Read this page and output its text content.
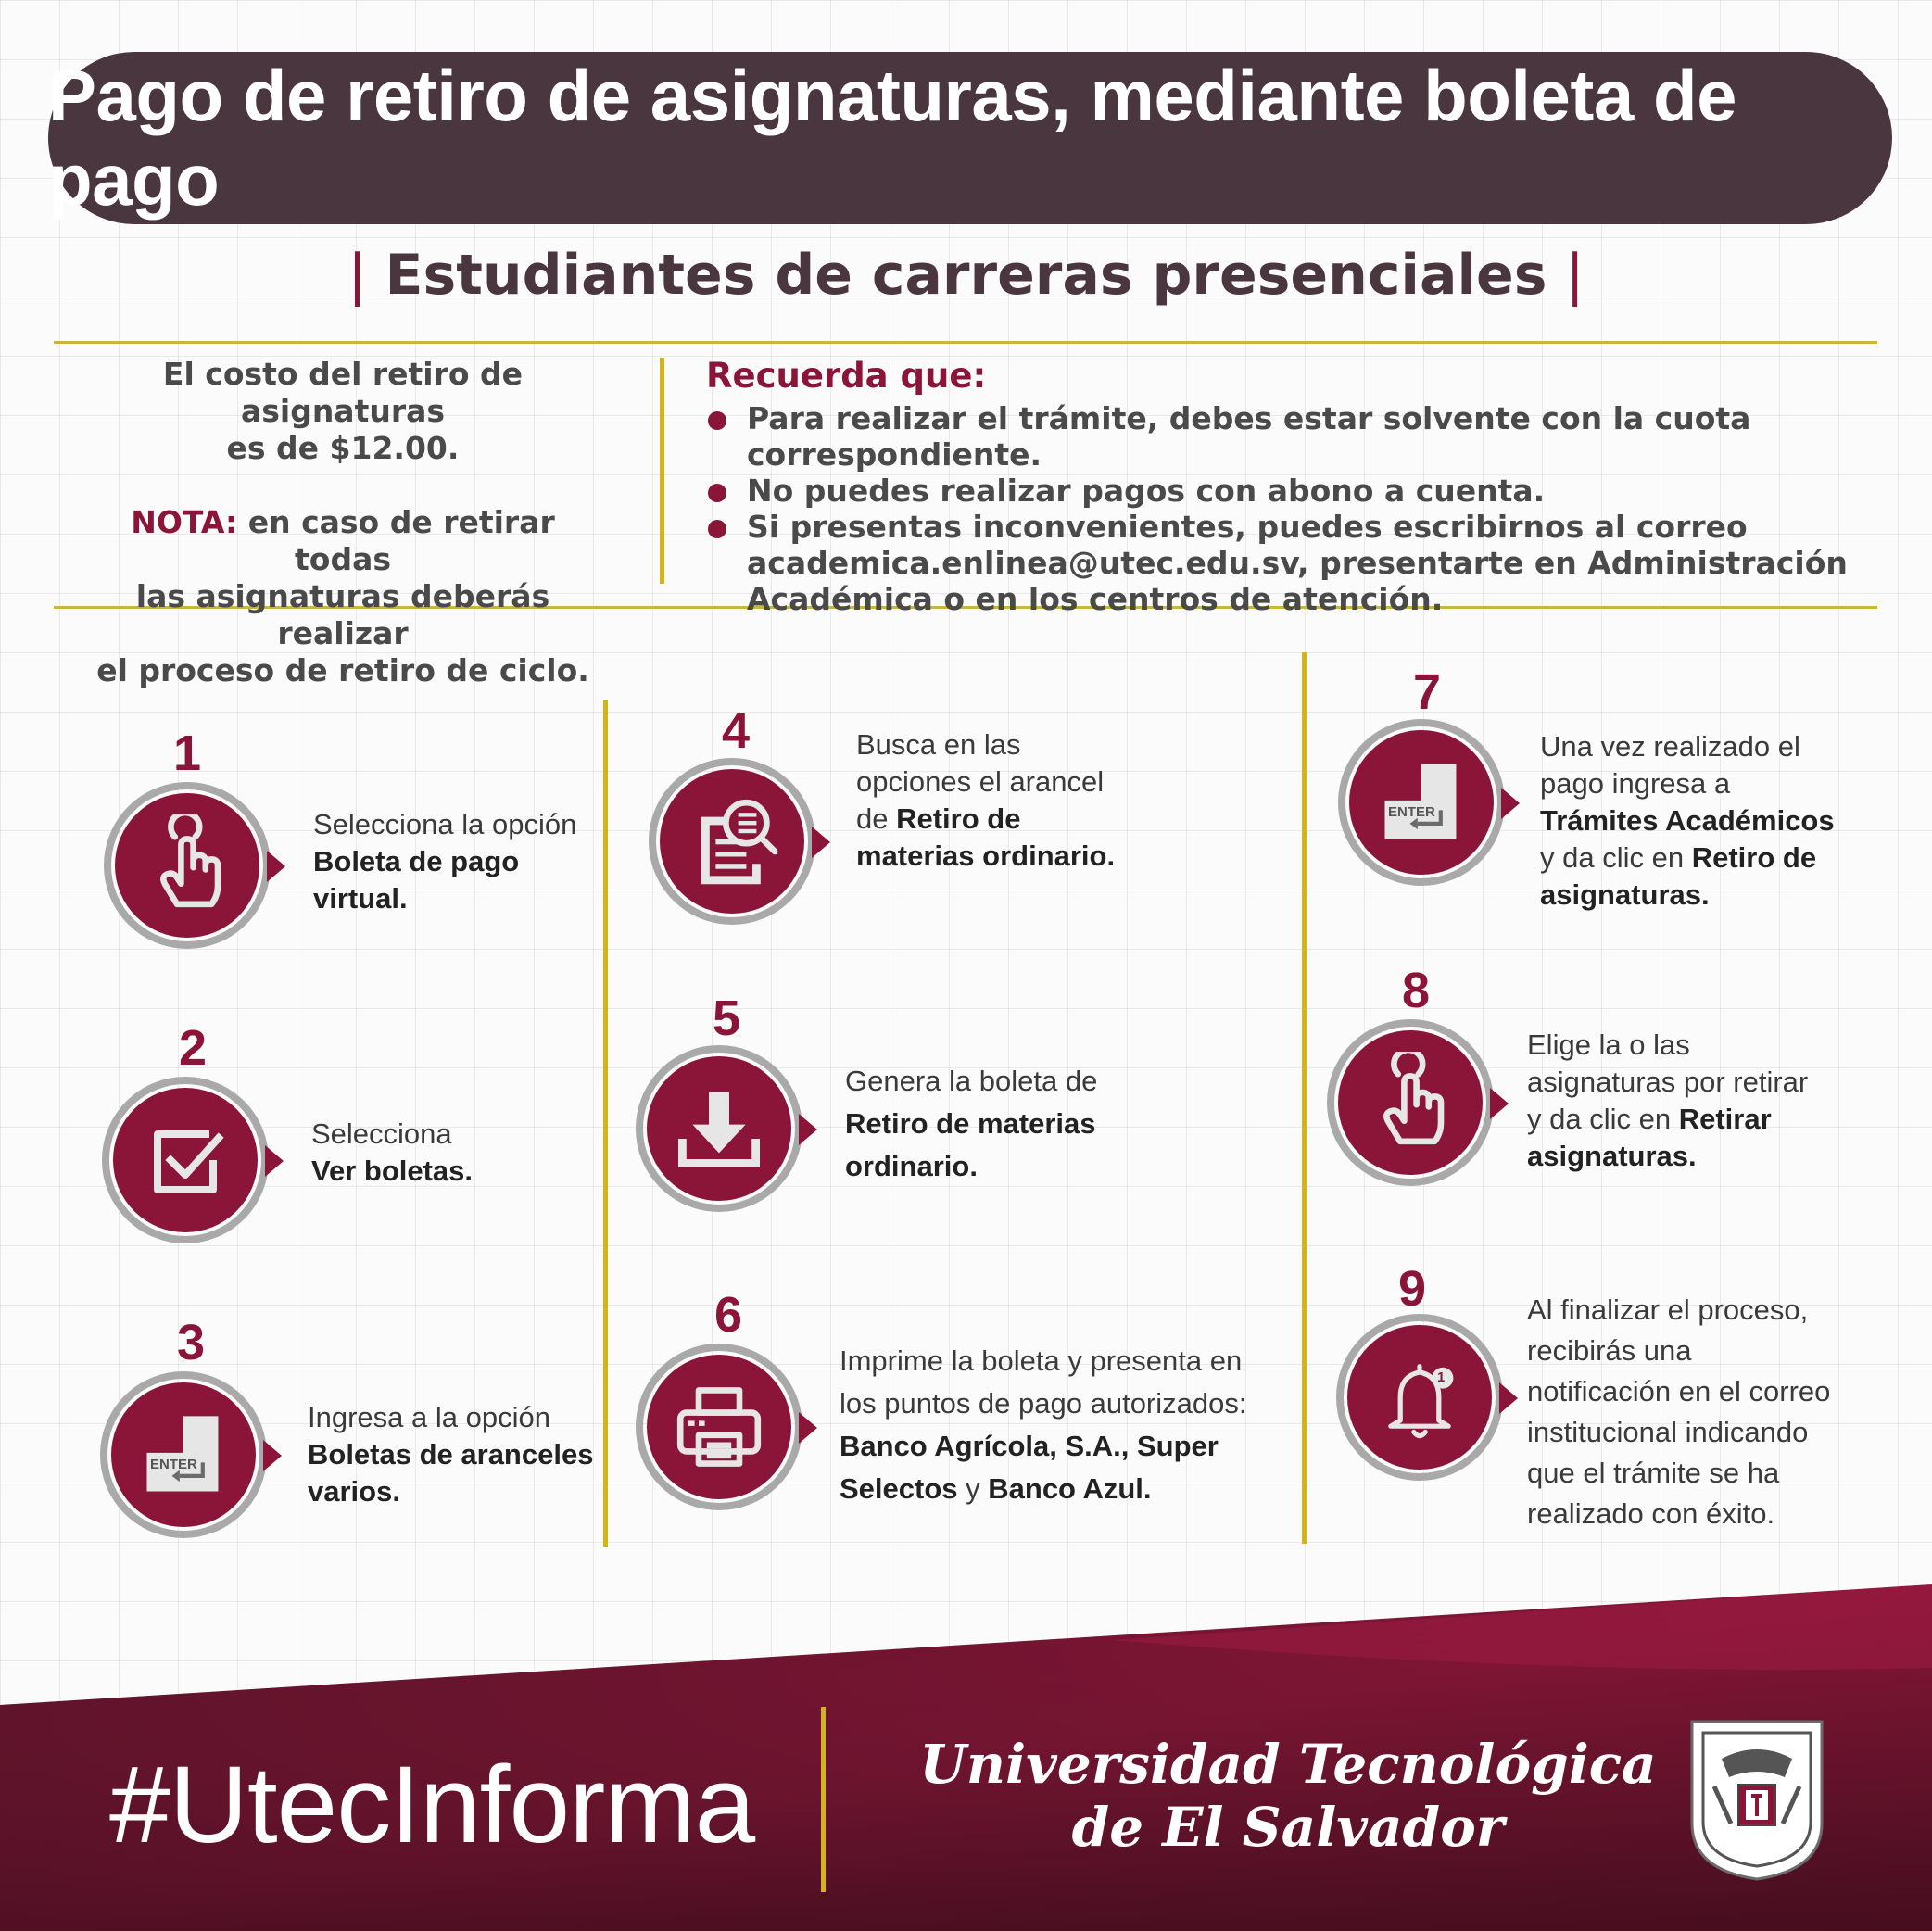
Pago de retiro de asignaturas, mediante boleta de pago
| Estudiantes de carreras presenciales |

El costo del retiro de asignaturas

es de $12.00.

NOTA: en caso de retirar todas

las asignaturas deberás realizar

el proceso de retiro de ciclo.

Recuerda que:

Para realizar el trámite, debes estar solvente con la cuota correspondiente.
No puedes realizar pagos con abono a cuenta.
Si presentas inconvenientes, puedes escribirnos al correo academica.enlinea@utec.edu.sv, presentarte en Administración Académica o en los centros de atención.
1
Selecciona la opción Boleta de pago virtual.
2
Selecciona
Ver boletas.
3
ENTER
Ingresa a la opción Boletas de aranceles varios.
4	Busca en las opciones el arancel de Retiro de materias ordinario.
5
Genera la boleta de Retiro de materias ordinario.
6
Imprime la boleta y presenta en los puntos de pago autorizados: Banco Agrícola, S.A., Super Selectos y Banco Azul.
7
ENTER
Una vez realizado el pago ingresa a Trámites Académicos y da clic en Retiro de asignaturas.
8
Elige la o las asignaturas por retirar y da clic en Retirar asignaturas.
9
1
Al finalizar el proceso, recibirás una notificación en el correo institucional indicando que el trámite se ha realizado con éxito.
#UtecInforma	Universidad Tecnológica
de El Salvador
